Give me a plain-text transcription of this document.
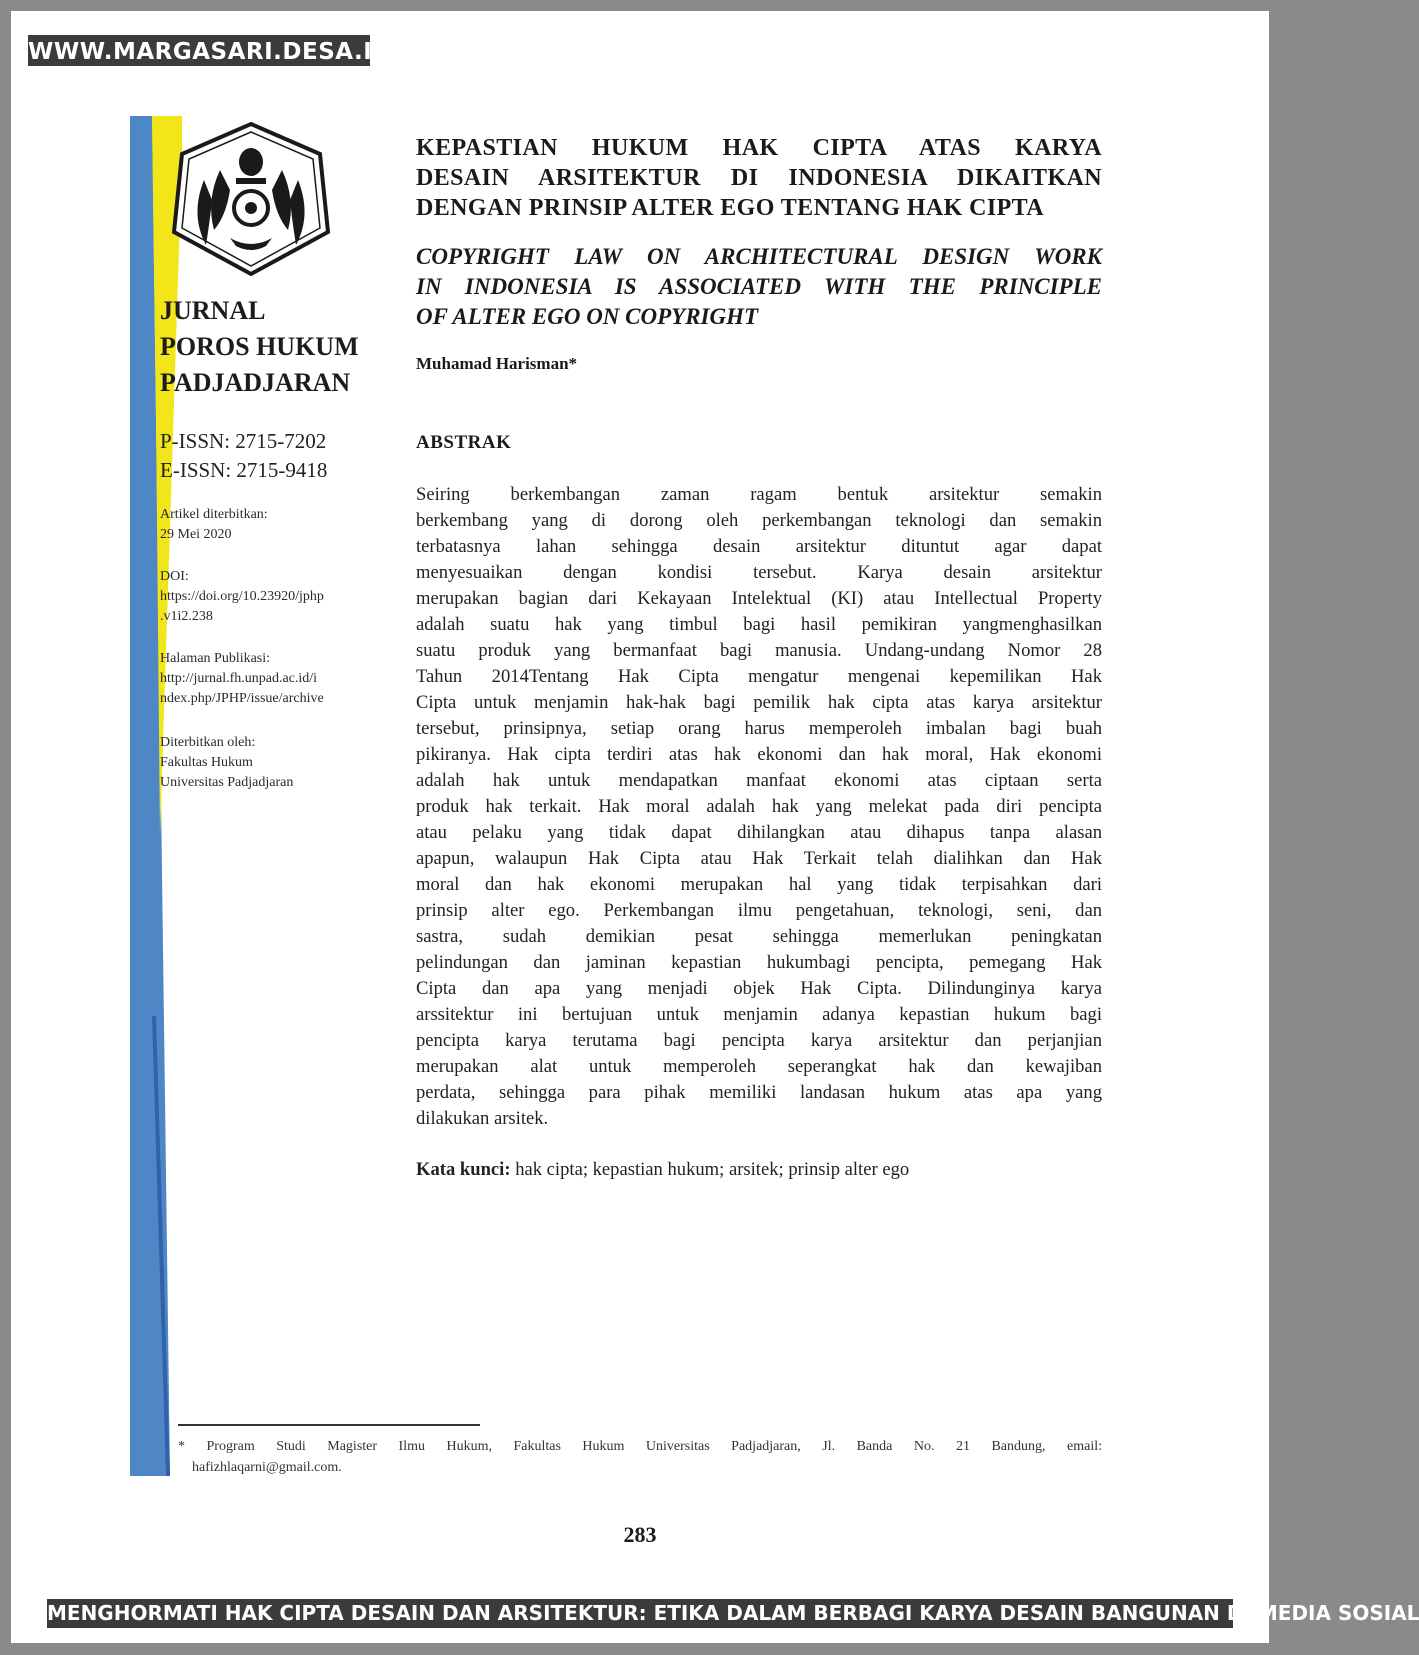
WWW.MARGASARI.DESA.ID
JURNAL
POROS HUKUM
PADJADJARAN
P-ISSN: 2715-7202
E-ISSN: 2715-9418
Artikel diterbitkan:
29 Mei 2020
DOI:
https://doi.org/10.23920/jphp
.v1i2.238
Halaman Publikasi:
http://jurnal.fh.unpad.ac.id/i
ndex.php/JPHP/issue/archive
Diterbitkan oleh:
Fakultas Hukum
Universitas Padjadjaran
KEPASTIAN HUKUM HAK CIPTA ATAS KARYA
DESAIN ARSITEKTUR DI INDONESIA DIKAITKAN
DENGAN PRINSIP ALTER EGO TENTANG HAK CIPTA
COPYRIGHT LAW ON ARCHITECTURAL DESIGN WORK
IN INDONESIA IS ASSOCIATED WITH THE PRINCIPLE
OF ALTER EGO ON COPYRIGHT
Muhamad Harisman*
ABSTRAK
Seiring berkembangan zaman ragam bentuk arsitektur semakin
berkembang yang di dorong oleh perkembangan teknologi dan semakin
terbatasnya lahan sehingga desain arsitektur dituntut agar dapat
menyesuaikan dengan kondisi tersebut. Karya desain arsitektur
merupakan bagian dari Kekayaan Intelektual (KI) atau Intellectual Property
adalah suatu hak yang timbul bagi hasil pemikiran yangmenghasilkan
suatu produk yang bermanfaat bagi manusia. Undang-undang Nomor 28
Tahun 2014Tentang Hak Cipta mengatur mengenai kepemilikan Hak
Cipta untuk menjamin hak-hak bagi pemilik hak cipta atas karya arsitektur
tersebut, prinsipnya, setiap orang harus memperoleh imbalan bagi buah
pikiranya. Hak cipta terdiri atas hak ekonomi dan hak moral, Hak ekonomi
adalah hak untuk mendapatkan manfaat ekonomi atas ciptaan serta
produk hak terkait. Hak moral adalah hak yang melekat pada diri pencipta
atau pelaku yang tidak dapat dihilangkan atau dihapus tanpa alasan
apapun, walaupun Hak Cipta atau Hak Terkait telah dialihkan dan Hak
moral dan hak ekonomi merupakan hal yang tidak terpisahkan dari
prinsip alter ego. Perkembangan ilmu pengetahuan, teknologi, seni, dan
sastra, sudah demikian pesat sehingga memerlukan peningkatan
pelindungan dan jaminan kepastian hukumbagi pencipta, pemegang Hak
Cipta dan apa yang menjadi objek Hak Cipta. Dilindunginya karya
arssitektur ini bertujuan untuk menjamin adanya kepastian hukum bagi
pencipta karya terutama bagi pencipta karya arsitektur dan perjanjian
merupakan alat untuk memperoleh seperangkat hak dan kewajiban
perdata, sehingga para pihak memiliki landasan hukum atas apa yang
dilakukan arsitek.
Kata kunci: hak cipta; kepastian hukum; arsitek; prinsip alter ego
* Program Studi Magister Ilmu Hukum, Fakultas Hukum Universitas Padjadjaran, Jl. Banda No. 21 Bandung, email:
hafizhlaqarni@gmail.com.
283
MENGHORMATI HAK CIPTA DESAIN DAN ARSITEKTUR: ETIKA DALAM BERBAGI KARYA DESAIN BANGUNAN DI MEDIA SOSIAL
